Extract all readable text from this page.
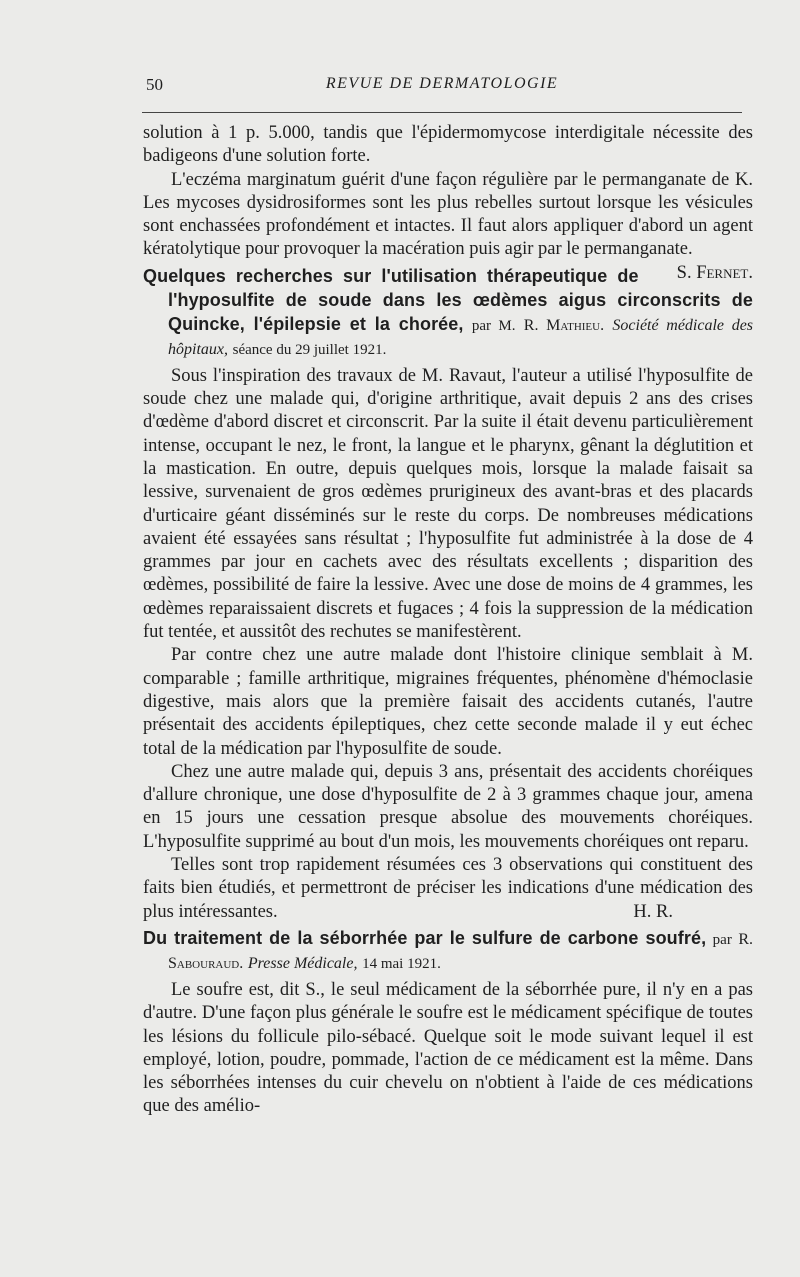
50	REVUE DE DERMATOLOGIE

solution à 1 p. 5.000, tandis que l'épidermomycose interdigitale nécessite des badigeons d'une solution forte.

L'eczéma marginatum guérit d'une façon régulière par le permanganate de K. Les mycoses dysidrosiformes sont les plus rebelles surtout lorsque les vésicules sont enchassées profondément et intactes. Il faut alors appliquer d'abord un agent kératolytique pour provoquer la macération puis agir par le permanganate.
S. Fernet.

Quelques recherches sur l'utilisation thérapeutique de l'hyposulfite de soude dans les œdèmes aigus circonscrits de Quincke, l'épilepsie et la chorée, par M. R. Mathieu. Société médicale des hôpitaux, séance du 29 juillet 1921.

Sous l'inspiration des travaux de M. Ravaut, l'auteur a utilisé l'hyposulfite de soude chez une malade qui, d'origine arthritique, avait depuis 2 ans des crises d'œdème d'abord discret et circonscrit. Par la suite il était devenu particulièrement intense, occupant le nez, le front, la langue et le pharynx, gênant la déglutition et la mastication. En outre, depuis quelques mois, lorsque la malade faisait sa lessive, survenaient de gros œdèmes prurigineux des avant-bras et des placards d'urticaire géant disséminés sur le reste du corps. De nombreuses médications avaient été essayées sans résultat ; l'hyposulfite fut administrée à la dose de 4 grammes par jour en cachets avec des résultats excellents ; disparition des œdèmes, possibilité de faire la lessive. Avec une dose de moins de 4 grammes, les œdèmes reparaissaient discrets et fugaces ; 4 fois la suppression de la médication fut tentée, et aussitôt des rechutes se manifestèrent.

Par contre chez une autre malade dont l'histoire clinique semblait à M. comparable ; famille arthritique, migraines fréquentes, phénomène d'hémoclasie digestive, mais alors que la première faisait des accidents cutanés, l'autre présentait des accidents épileptiques, chez cette seconde malade il y eut échec total de la médication par l'hyposulfite de soude.

Chez une autre malade qui, depuis 3 ans, présentait des accidents choréiques d'allure chronique, une dose d'hyposulfite de 2 à 3 grammes chaque jour, amena en 15 jours une cessation presque absolue des mouvements choréiques. L'hyposulfite supprimé au bout d'un mois, les mouvements choréiques ont reparu.

Telles sont trop rapidement résumées ces 3 observations qui constituent des faits bien étudiés, et permettront de préciser les indications d'une médication des plus intéressantes.	H. R.

Du traitement de la séborrhée par le sulfure de carbone soufré, par R. Sabouraud. Presse Médicale, 14 mai 1921.

Le soufre est, dit S., le seul médicament de la séborrhée pure, il n'y en a pas d'autre. D'une façon plus générale le soufre est le médicament spécifique de toutes les lésions du follicule pilo-sébacé. Quelque soit le mode suivant lequel il est employé, lotion, poudre, pommade, l'action de ce médicament est la même. Dans les séborrhées intenses du cuir chevelu on n'obtient à l'aide de ces médications que des amélio-
